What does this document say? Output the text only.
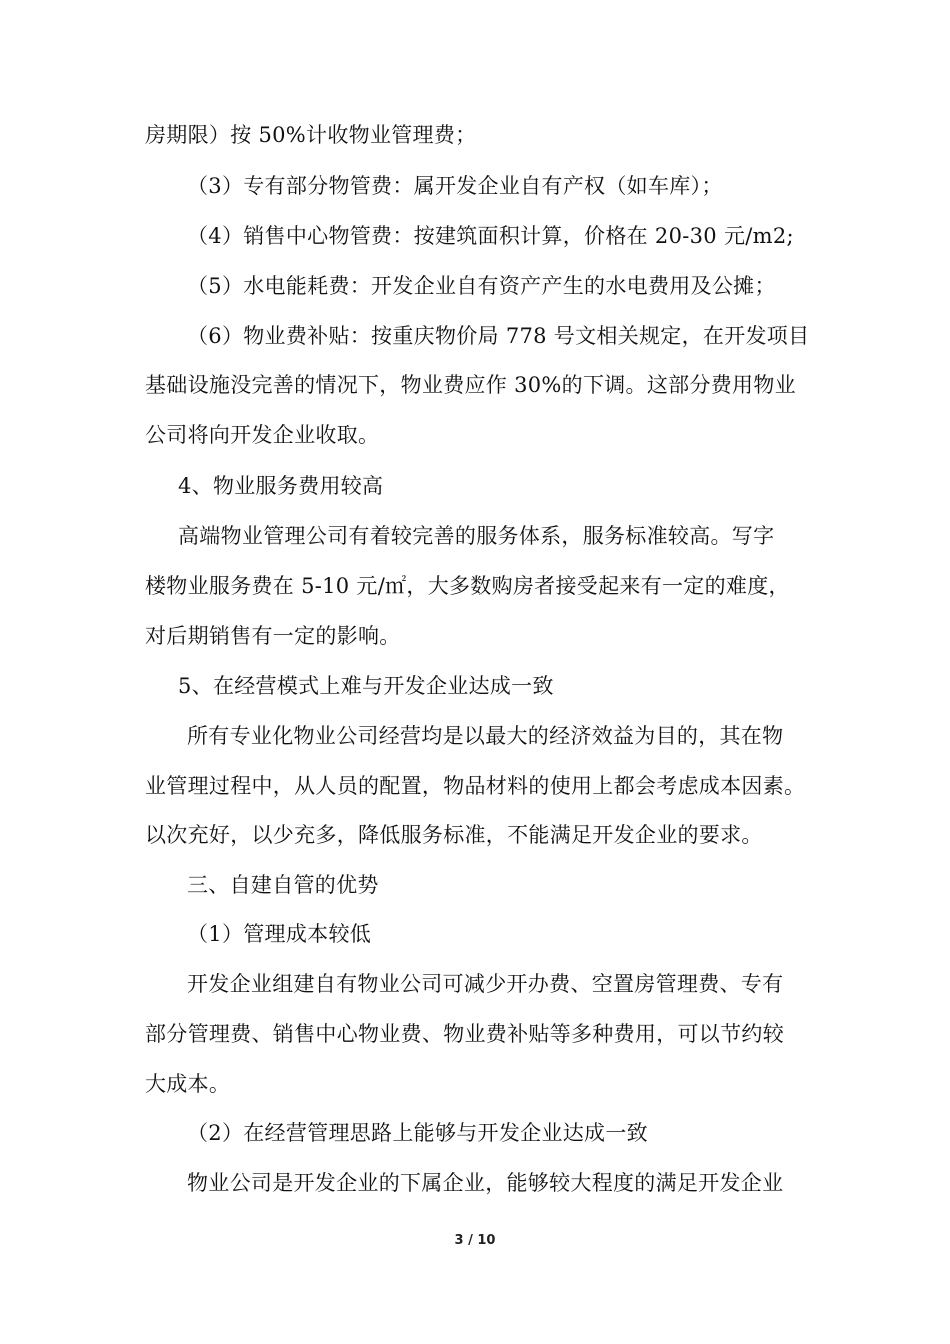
房期限）按 50%计收物业管理费；
（3）专有部分物管费：属开发企业自有产权（如车库）；
（4）销售中心物管费：按建筑面积计算，价格在 20-30 元/m2;
（5）水电能耗费：开发企业自有资产产生的水电费用及公摊；
（6）物业费补贴：按重庆物价局 778 号文相关规定，在开发项目
基础设施没完善的情况下，物业费应作 30%的下调。这部分费用物业
公司将向开发企业收取。
4、物业服务费用较高
高端物业管理公司有着较完善的服务体系，服务标准较高。写字
楼物业服务费在 5-10 元/㎡，大多数购房者接受起来有一定的难度，
对后期销售有一定的影响。
5、在经营模式上难与开发企业达成一致
所有专业化物业公司经营均是以最大的经济效益为目的，其在物
业管理过程中，从人员的配置，物品材料的使用上都会考虑成本因素。
以次充好，以少充多，降低服务标准，不能满足开发企业的要求。
三、自建自管的优势
（1）管理成本较低
开发企业组建自有物业公司可减少开办费、空置房管理费、专有
部分管理费、销售中心物业费、物业费补贴等多种费用，可以节约较
大成本。
（2）在经营管理思路上能够与开发企业达成一致
物业公司是开发企业的下属企业，能够较大程度的满足开发企业
3 / 10
